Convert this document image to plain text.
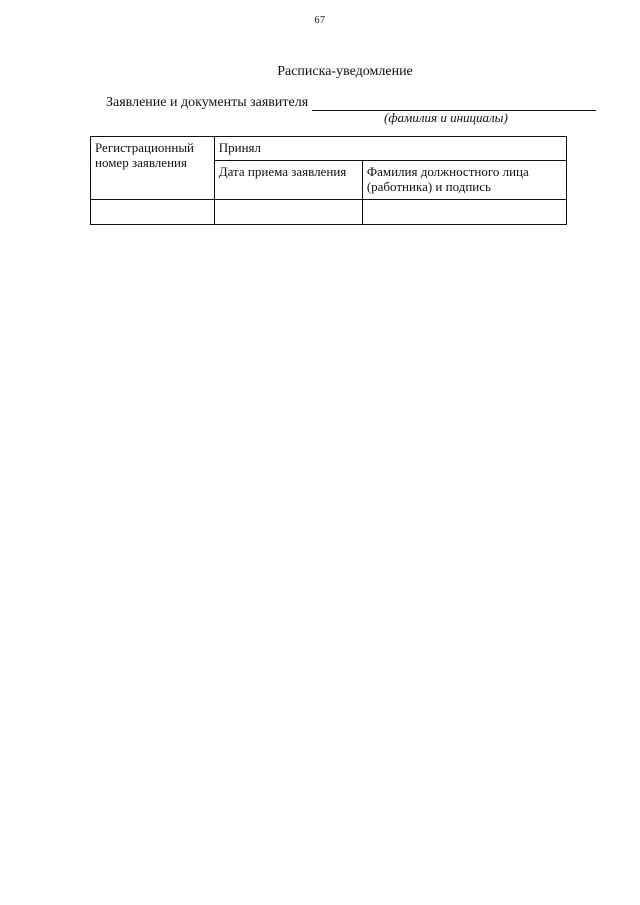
67
Расписка-уведомление
Заявление и документы заявителя
(фамилия и инициалы)
Регистрационный номер заявления	Принял	
	Дата приема заявления	Фамилия должностного лица (работника) и подпись
